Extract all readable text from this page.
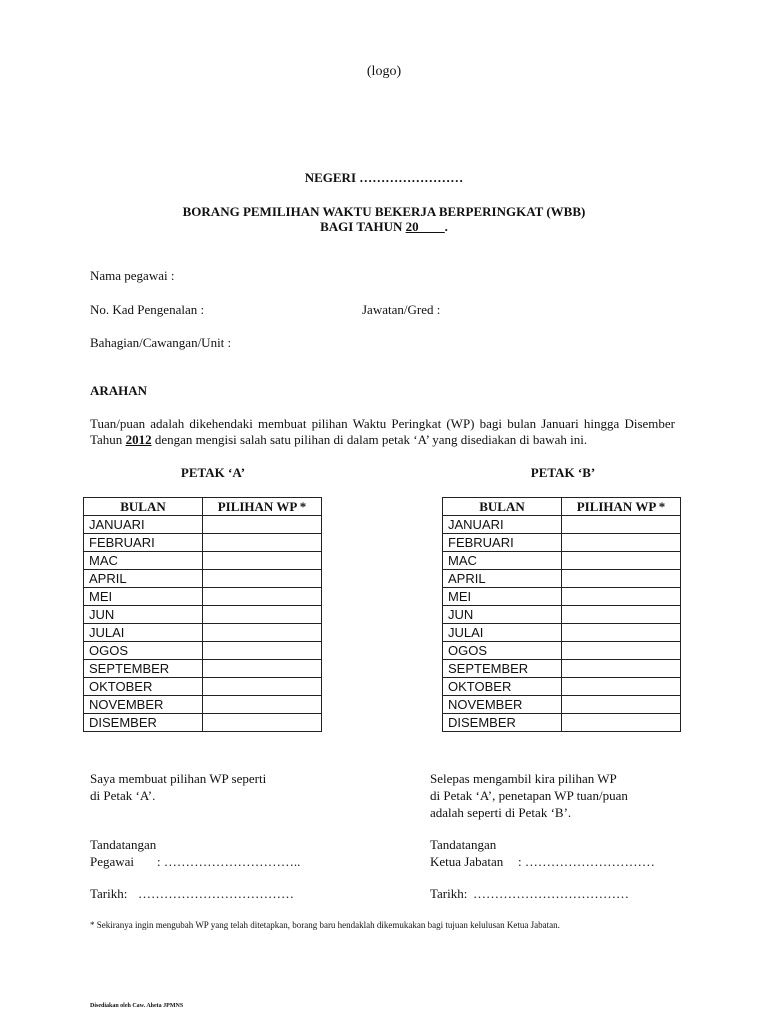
(logo)
NEGERI ……………………
BORANG PEMILIHAN WAKTU BEKERJA BERPERINGKAT (WBB)
BAGI TAHUN 20____.
Nama pegawai :
No. Kad Pengenalan :	Jawatan/Gred :
Bahagian/Cawangan/Unit :
ARAHAN
Tuan/puan adalah dikehendaki membuat pilihan Waktu Peringkat (WP) bagi bulan Januari hingga Disember Tahun 2012 dengan mengisi salah satu pilihan di dalam petak ‘A’ yang disediakan di bawah ini.
PETAK ‘A’	PETAK ‘B’
BULAN	PILIHAN WP *
JANUARI	
FEBRUARI	
MAC	
APRIL	
MEI	
JUN	
JULAI	
OGOS	
SEPTEMBER	
OKTOBER	
NOVEMBER	
DISEMBER	
BULAN	PILIHAN WP *
JANUARI	
FEBRUARI	
MAC	
APRIL	
MEI	
JUN	
JULAI	
OGOS	
SEPTEMBER	
OKTOBER	
NOVEMBER	
DISEMBER	
Saya membuat pilihan WP seperti
di Petak ‘A’.
Tandatangan
Pegawai : …………………………..
Tarikh: ………………………………
Selepas mengambil kira pilihan WP
di Petak ‘A’, penetapan WP tuan/puan
adalah seperti di Petak ‘B’.
Tandatangan
Ketua Jabatan : …………………………
Tarikh: ………………………………
* Sekiranya ingin mengubah WP yang telah ditetapkan, borang baru hendaklah dikemukakan bagi tujuan kelulusan Ketua Jabatan.
Disediakan oleh Caw. Aheta JPMNS
